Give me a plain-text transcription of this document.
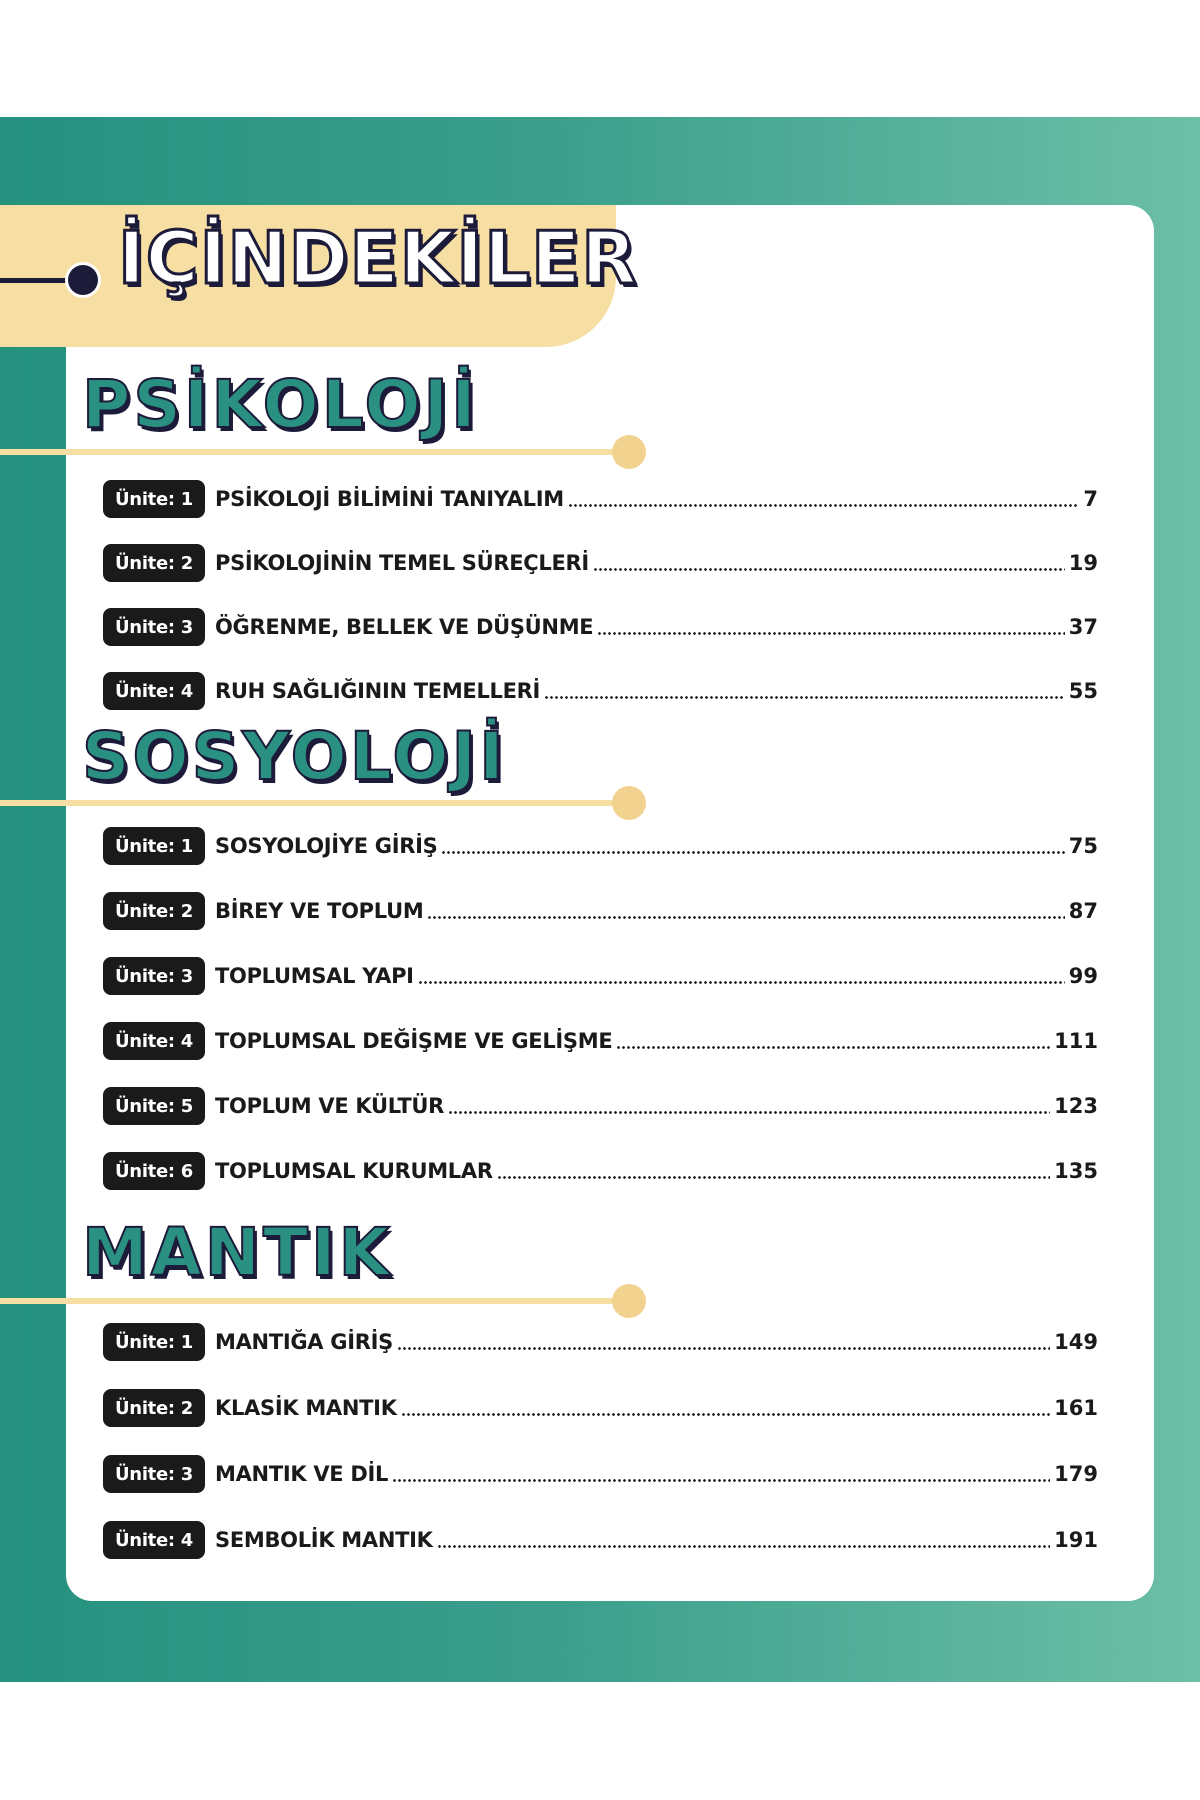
İÇİNDEKİLER
PSİKOLOJİ
Ünite: 1	PSİKOLOJİ BİLİMİNİ TANIYALIM	7
Ünite: 2	PSİKOLOJİNİN TEMEL SÜREÇLERİ	19
Ünite: 3	ÖĞRENME, BELLEK VE DÜŞÜNME	37
Ünite: 4	RUH SAĞLIĞININ TEMELLERİ	55
SOSYOLOJİ
Ünite: 1	SOSYOLOJİYE GİRİŞ	75
Ünite: 2	BİREY VE TOPLUM	87
Ünite: 3	TOPLUMSAL YAPI	99
Ünite: 4	TOPLUMSAL DEĞİŞME VE GELİŞME	111
Ünite: 5	TOPLUM VE KÜLTÜR	123
Ünite: 6	TOPLUMSAL KURUMLAR	135
MANTIK
Ünite: 1	MANTIĞA GİRİŞ	149
Ünite: 2	KLASİK MANTIK	161
Ünite: 3	MANTIK VE DİL	179
Ünite: 4	SEMBOLİK MANTIK	191
